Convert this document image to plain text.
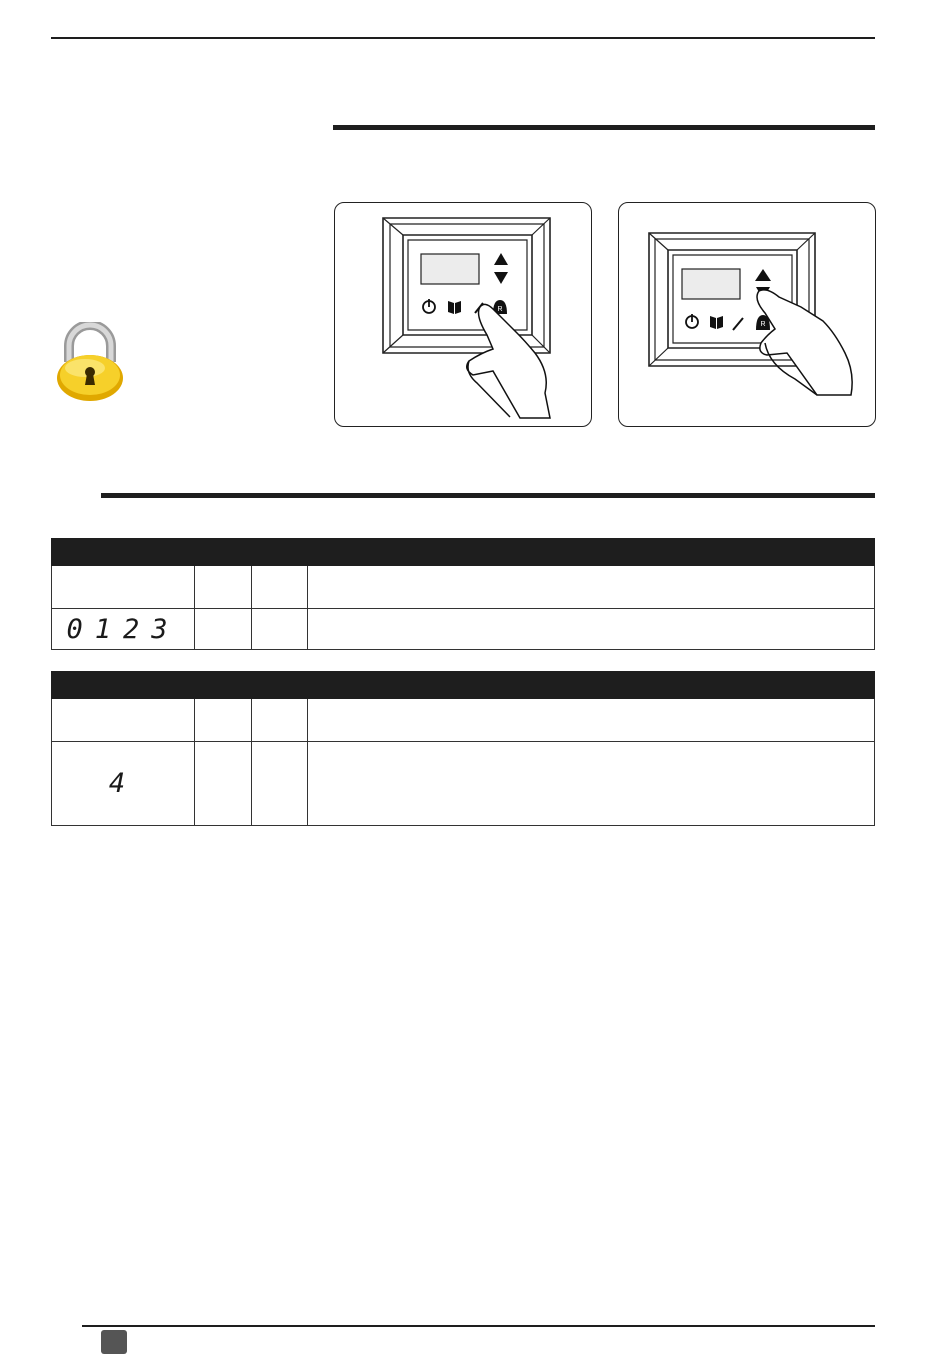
R
R

0123			

4			
